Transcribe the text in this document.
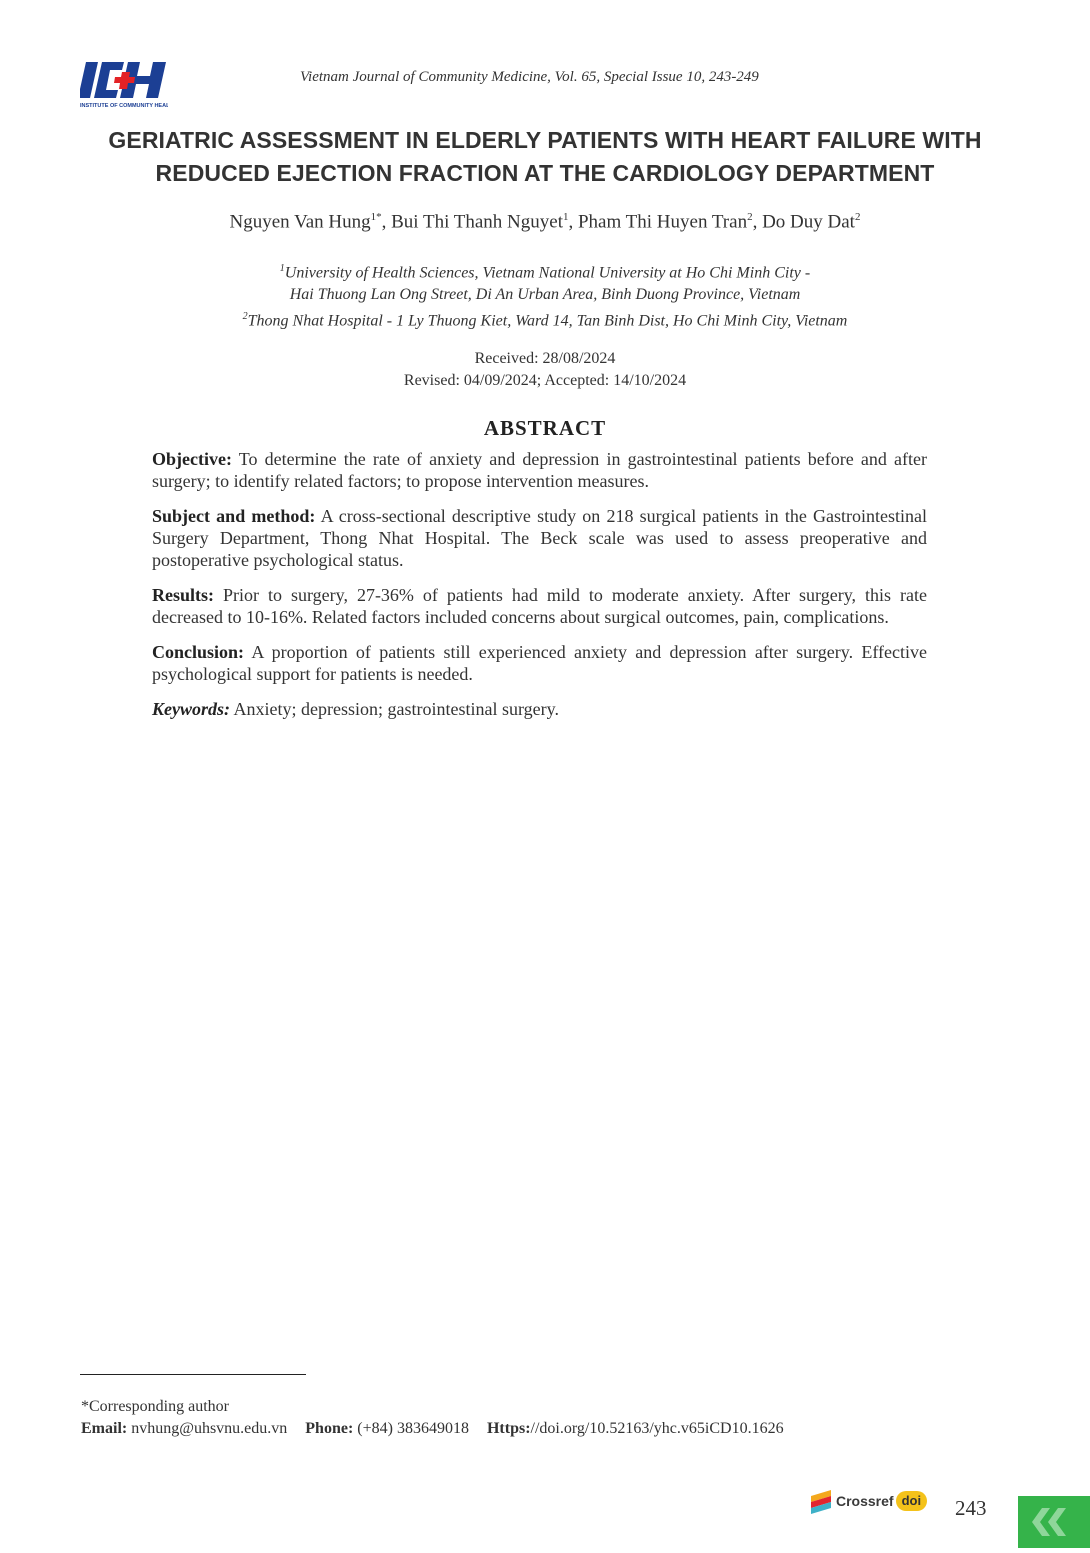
INSTITUTE OF COMMUNITY HEALTH
Vietnam Journal of Community Medicine, Vol. 65, Special Issue 10, 243-249
GERIATRIC ASSESSMENT IN ELDERLY PATIENTS WITH HEART FAILURE WITH
REDUCED EJECTION FRACTION AT THE CARDIOLOGY DEPARTMENT
Nguyen Van Hung$^{1*}$, Bui Thi Thanh Nguyet$^1$, Pham Thi Huyen Tran$^2$, Do Duy Dat$^2$
$^1$University of Health Sciences, Vietnam National University at Ho Chi Minh City -
Hai Thuong Lan Ong Street, Di An Urban Area, Binh Duong Province, Vietnam
$^2$Thong Nhat Hospital - 1 Ly Thuong Kiet, Ward 14, Tan Binh Dist, Ho Chi Minh City, Vietnam
Received: 28/08/2024
Revised: 04/09/2024; Accepted: 14/10/2024
ABSTRACT

Objective: To determine the rate of anxiety and depression in gastrointestinal patients before and after surgery; to identify related factors; to propose intervention measures.

Subject and method: A cross-sectional descriptive study on 218 surgical patients in the Gastrointestinal Surgery Department, Thong Nhat Hospital. The Beck scale was used to assess preoperative and postoperative psychological status.

Results: Prior to surgery, 27-36% of patients had mild to moderate anxiety. After surgery, this rate decreased to 10-16%. Related factors included concerns about surgical outcomes, pain, complications.

Conclusion: A proportion of patients still experienced anxiety and depression after surgery. Effective psychological support for patients is needed.

Keywords: Anxiety; depression; gastrointestinal surgery.

*Corresponding author
Email: nvhung@uhsvnu.edu.vn Phone: (+84) 383649018 Https://doi.org/10.52163/yhc.v65iCD10.1626
Crossref doi 243
